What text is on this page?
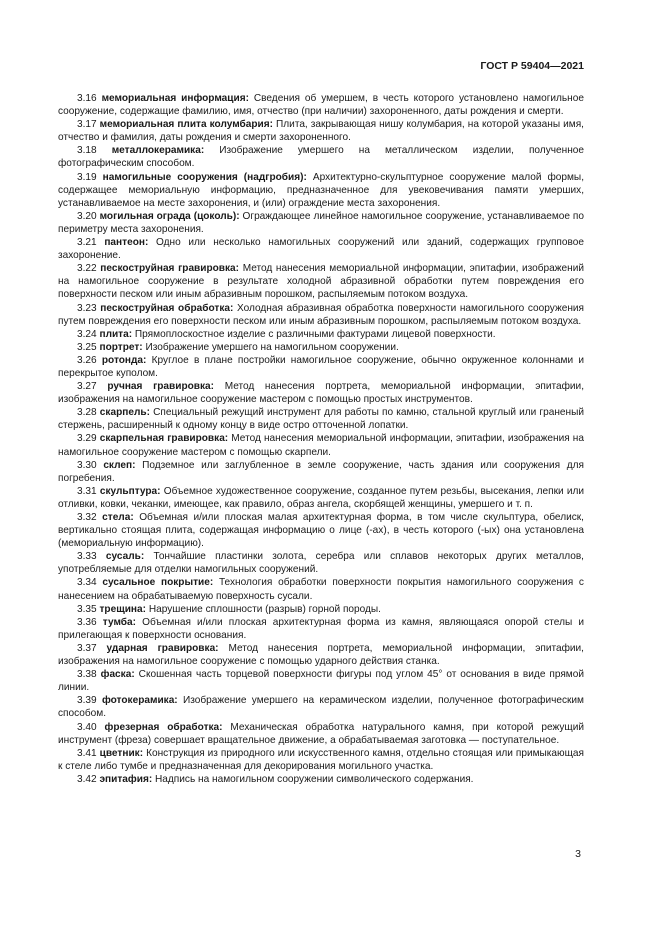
ГОСТ Р 59404—2021

3.16 мемориальная информация: Сведения об умершем, в честь которого установлено намогильное сооружение, содержащие фамилию, имя, отчество (при наличии) захороненного, даты рождения и смерти.

3.17 мемориальная плита колумбария: Плита, закрывающая нишу колумбария, на которой указаны имя, отчество и фамилия, даты рождения и смерти захороненного.

3.18 металлокерамика: Изображение умершего на металлическом изделии, полученное фотографическим способом.

3.19 намогильные сооружения (надгробия): Архитектурно-скульптурное сооружение малой формы, содержащее мемориальную информацию, предназначенное для увековечивания памяти умерших, устанавливаемое на месте захоронения, и (или) ограждение места захоронения.

3.20 могильная ограда (цоколь): Ограждающее линейное намогильное сооружение, устанавливаемое по периметру места захоронения.

3.21 пантеон: Одно или несколько намогильных сооружений или зданий, содержащих групповое захоронение.

3.22 пескоструйная гравировка: Метод нанесения мемориальной информации, эпитафии, изображений на намогильное сооружение в результате холодной абразивной обработки путем повреждения его поверхности песком или иным абразивным порошком, распыляемым потоком воздуха.

3.23 пескоструйная обработка: Холодная абразивная обработка поверхности намогильного сооружения путем повреждения его поверхности песком или иным абразивным порошком, распыляемым потоком воздуха.

3.24 плита: Прямоплоскостное изделие с различными фактурами лицевой поверхности.

3.25 портрет: Изображение умершего на намогильном сооружении.

3.26 ротонда: Круглое в плане постройки намогильное сооружение, обычно окруженное колоннами и перекрытое куполом.

3.27 ручная гравировка: Метод нанесения портрета, мемориальной информации, эпитафии, изображения на намогильное сооружение мастером с помощью простых инструментов.

3.28 скарпель: Специальный режущий инструмент для работы по камню, стальной круглый или граненый стержень, расширенный к одному концу в виде остро отточенной лопатки.

3.29 скарпельная гравировка: Метод нанесения мемориальной информации, эпитафии, изображения на намогильное сооружение мастером с помощью скарпели.

3.30 склеп: Подземное или заглубленное в земле сооружение, часть здания или сооружения для погребения.

3.31 скульптура: Объемное художественное сооружение, созданное путем резьбы, высекания, лепки или отливки, ковки, чеканки, имеющее, как правило, образ ангела, скорбящей женщины, умершего и т. п.

3.32 стела: Объемная и/или плоская малая архитектурная форма, в том числе скульптура, обелиск, вертикально стоящая плита, содержащая информацию о лице (-ах), в честь которого (-ых) она установлена (мемориальную информацию).

3.33 сусаль: Тончайшие пластинки золота, серебра или сплавов некоторых других металлов, употребляемые для отделки намогильных сооружений.

3.34 сусальное покрытие: Технология обработки поверхности покрытия намогильного сооружения с нанесением на обрабатываемую поверхность сусали.

3.35 трещина: Нарушение сплошности (разрыв) горной породы.

3.36 тумба: Объемная и/или плоская архитектурная форма из камня, являющаяся опорой стелы и прилегающая к поверхности основания.

3.37 ударная гравировка: Метод нанесения портрета, мемориальной информации, эпитафии, изображения на намогильное сооружение с помощью ударного действия станка.

3.38 фаска: Скошенная часть торцевой поверхности фигуры под углом 45° от основания в виде прямой линии.

3.39 фотокерамика: Изображение умершего на керамическом изделии, полученное фотографическим способом.

3.40 фрезерная обработка: Механическая обработка натурального камня, при которой режущий инструмент (фреза) совершает вращательное движение, а обрабатываемая заготовка — поступательное.

3.41 цветник: Конструкция из природного или искусственного камня, отдельно стоящая или примыкающая к стеле либо тумбе и предназначенная для декорирования могильного участка.

3.42 эпитафия: Надпись на намогильном сооружении символического содержания.

3
